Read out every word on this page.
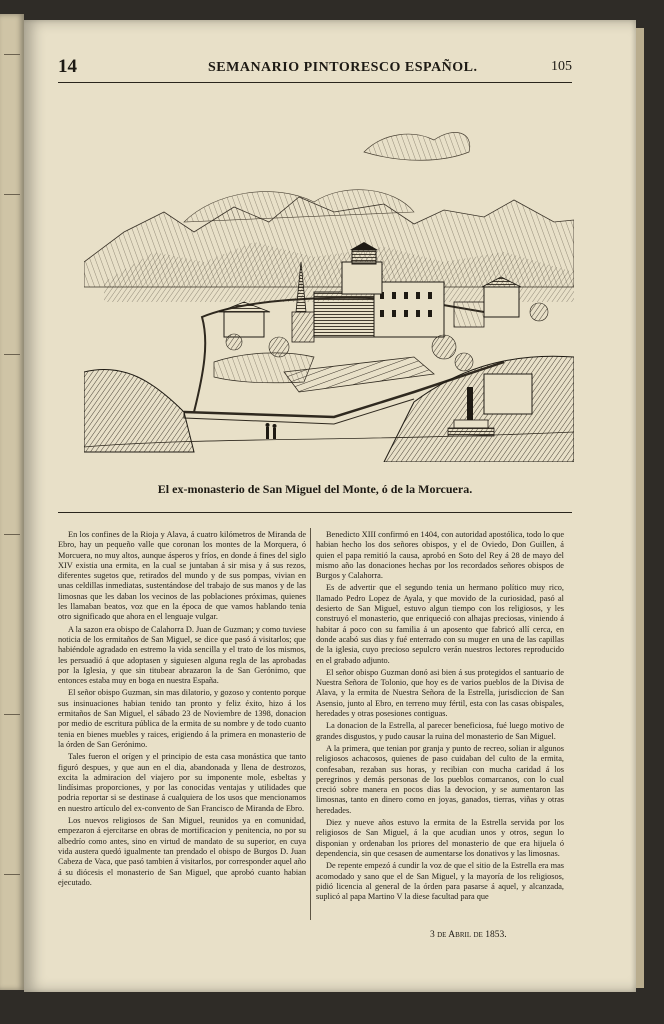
14	SEMANARIO PINTORESCO ESPAÑOL.	105
El ex-monasterio de San Miguel del Monte, ó de la Morcuera.

En los confines de la Rioja y Alava, á cuatro kilómetros de Miranda de Ebro, hay un pequeño valle que coronan los montes de la Morquera, ó Morcuera, no muy altos, aunque ásperos y fríos, en donde á fines del siglo XIV existia una ermita, en la cual se juntaban á sir misa y á sus rezos, diferentes sugetos que, retirados del mundo y de sus pompas, vivian en unas celdillas inmediatas, sustentándose del trabajo de sus manos y de las limosnas que les daban los vecinos de las poblaciones próximas, quienes les llamaban beatos, voz que en la época de que vamos hablando tenia otro significado que ahora en el lenguaje vulgar.

A la sazon era obispo de Calahorra D. Juan de Guzman; y como tuviese noticia de los ermitaños de San Miguel, se dice que pasó á visitarlos; que habiéndole agradado en estremo la vida sencilla y el trato de los mismos, les persuadió á que adoptasen y siguiesen alguna regla de las aprobadas por la Iglesia, y que sin titubear abrazaron la de San Gerónimo, que entonces estaba muy en boga en nuestra España.

El señor obispo Guzman, sin mas dilatorio, y gozoso y contento porque sus insinuaciones habian tenido tan pronto y feliz éxito, hizo á los ermitaños de San Miguel, el sábado 23 de Noviembre de 1398, donacion por medio de escritura pública de la ermita de su nombre y de todo cuanto tenia en bienes muebles y raices, erigiendo á la primera en monasterio de la órden de San Gerónimo.

Tales fueron el orígen y el principio de esta casa monástica que tanto figuró despues, y que aun en el dia, abandonada y llena de destrozos, excita la admiracion del viajero por su imponente mole, esbeltas y lindísimas proporciones, y por las conocidas ventajas y utilidades que podria reportar si se destinase á cualquiera de los usos que mencionamos en nuestro artículo del ex-convento de San Francisco de Miranda de Ebro.

Los nuevos religiosos de San Miguel, reunidos ya en comunidad, empezaron á ejercitarse en obras de mortificacion y penitencia, no por su albedrío como antes, sino en virtud de mandato de su superior, en cuya vida austera quedó igualmente tan prendado el obispo de Burgos D. Juan Cabeza de Vaca, que pasó tambien á visitarlos, por corresponder aquel año á su diócesis el monasterio de San Miguel, que aprobó cuanto habian ejecutado.

Benedicto XIII confirmó en 1404, con autoridad apostólica, todo lo que habian hecho los dos señores obispos, y el de Oviedo, Don Guillen, á quien el papa remitió la causa, aprobó en Soto del Rey á 28 de mayo del mismo año las donaciones hechas por los recordados señores obispos de Burgos y Calahorra.

Es de advertir que el segundo tenia un hermano político muy rico, llamado Pedro Lopez de Ayala, y que movido de la curiosidad, pasó al desierto de San Miguel, estuvo algun tiempo con los religiosos, y les construyó el monasterio, que enriqueció con alhajas preciosas, viniendo á habitar á poco con su familia á un aposento que fabricó allí cerca, en donde acabó sus dias y fué enterrado con su muger en una de las capillas de la iglesia, cuyo precioso sepulcro verán nuestros lectores reproducido en el grabado adjunto.

El señor obispo Guzman donó asi bien á sus protegidos el santuario de Nuestra Señora de Tolonio, que hoy es de varios pueblos de la Divisa de Alava, y la ermita de Nuestra Señora de la Estrella, jurisdiccion de San Asensio, junto al Ebro, en terreno muy fértil, esta con las casas obispales, heredades y otras posesiones contiguas.

La donacion de la Estrella, al parecer beneficiosa, fué luego motivo de grandes disgustos, y pudo causar la ruina del monasterio de San Miguel.

A la primera, que tenian por granja y punto de recreo, solian ir algunos religiosos achacosos, quienes de paso cuidaban del culto de la ermita, confesaban, rezaban sus horas, y recibian con mucha caridad á los peregrinos y demás personas de los pueblos comarcanos, con lo cual creció sobre manera en pocos dias la devocion, y se aumentaron las limosnas, tanto en dinero como en joyas, ganados, tierras, viñas y otras heredades.

Diez y nueve años estuvo la ermita de la Estrella servida por los religiosos de San Miguel, á la que acudian unos y otros, segun lo disponian y ordenaban los priores del monasterio de que era hijuela ó dependencia, sin que cesasen de aumentarse los donativos y las limosnas.

De repente empezó á cundir la voz de que el sitio de la Estrella era mas acomodado y sano que el de San Miguel, y la mayoría de los religiosos, pidió licencia al general de la órden para pasarse á aquel, y alcanzada, suplicó al papa Martino V la diese facultad para que

3 de Abril de 1853.
